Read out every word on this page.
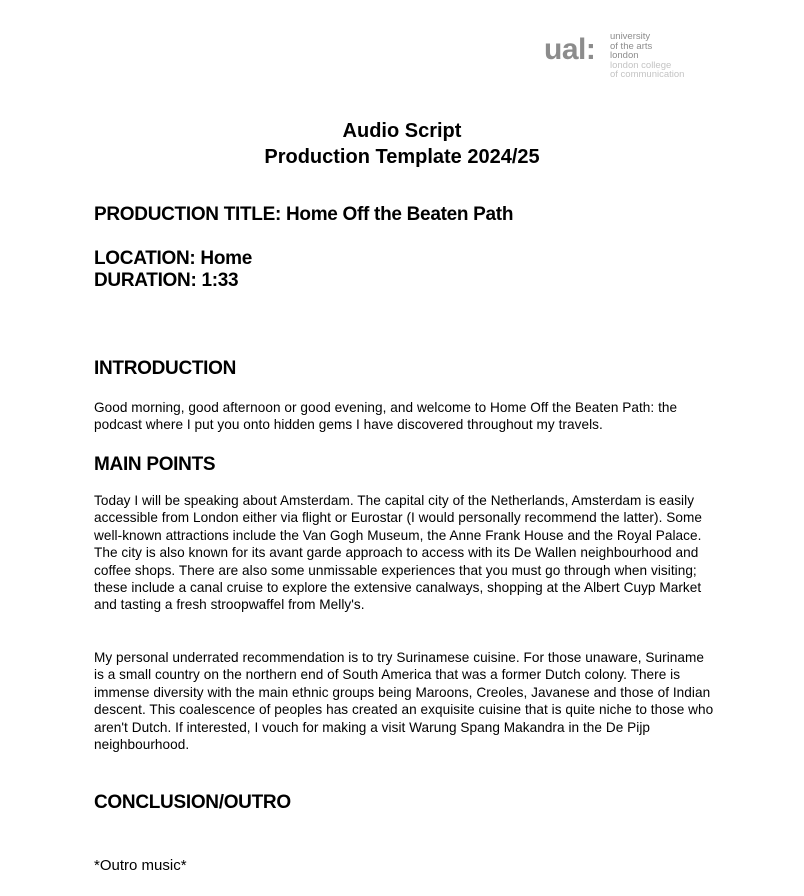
ual: university
of the arts
london
london college
of communication
Audio Script
Production Template 2024/25
PRODUCTION TITLE: Home Off the Beaten Path
LOCATION: Home
DURATION: 1:33
INTRODUCTION
Good morning, good afternoon or good evening, and welcome to Home Off the Beaten Path: the podcast where I put you onto hidden gems I have discovered throughout my travels.
MAIN POINTS
Today I will be speaking about Amsterdam. The capital city of the Netherlands, Amsterdam is easily accessible from London either via flight or Eurostar (I would personally recommend the latter). Some well-known attractions include the Van Gogh Museum, the Anne Frank House and the Royal Palace. The city is also known for its avant garde approach to access with its De Wallen neighbourhood and coffee shops. There are also some unmissable experiences that you must go through when visiting; these include a canal cruise to explore the extensive canalways, shopping at the Albert Cuyp Market and tasting a fresh stroopwaffel from Melly's.
My personal underrated recommendation is to try Surinamese cuisine. For those unaware, Suriname is a small country on the northern end of South America that was a former Dutch colony. There is immense diversity with the main ethnic groups being Maroons, Creoles, Javanese and those of Indian descent. This coalescence of peoples has created an exquisite cuisine that is quite niche to those who aren't Dutch. If interested, I vouch for making a visit Warung Spang Makandra in the De Pijp neighbourhood.
CONCLUSION/OUTRO
*Outro music*
